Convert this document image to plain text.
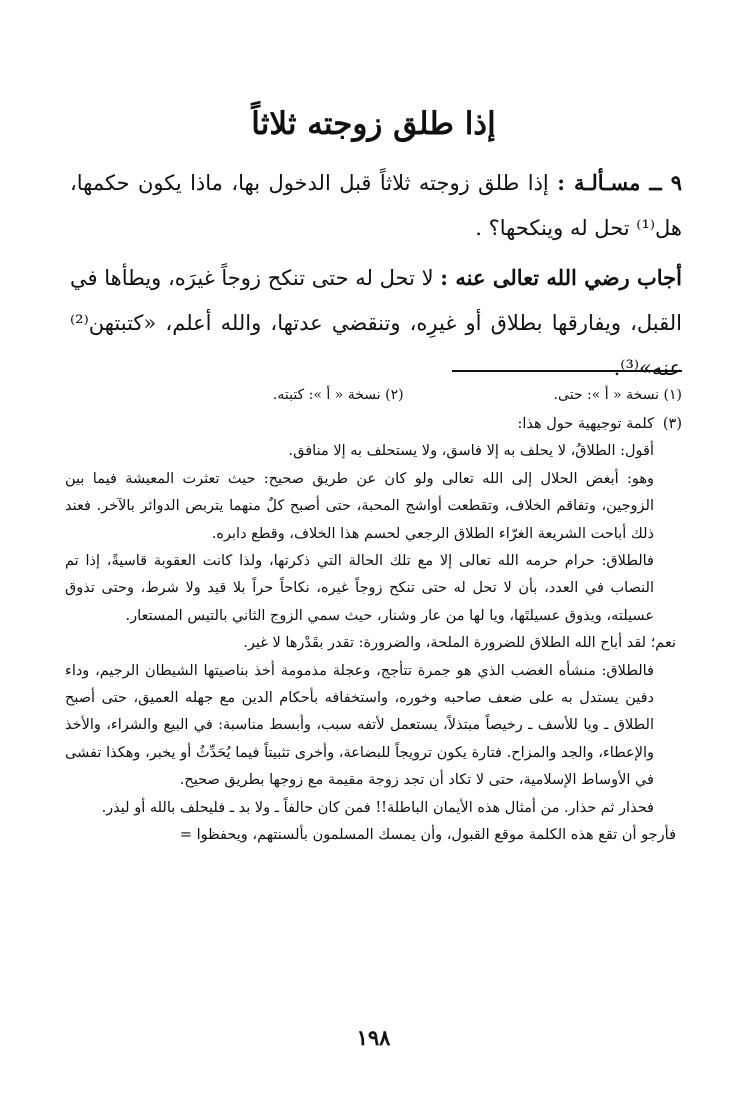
إذا طلق زوجته ثلاثاً

٩ ــ مسـألـة : إذا طلق زوجته ثلاثاً قبل الدخول بها، ماذا يكون حكمها، هل⁽¹⁾ تحل له وينكحها؟ .

أجاب رضي الله تعالى عنه : لا تحل له حتى تنكح زوجاً غيرَه، ويطأها في القبل، ويفارقها بطلاق أو غيرِه، وتنقضي عدتها، والله أعلم، «كتبتهن⁽²⁾ عنه»⁽³⁾.

(١) نسخة « أ »: حتى.
(٢) نسخة « أ »: كتبته.

(٣)كلمة توجيهية حول هذا:

أقول: الطلاقُ، لا يحلف به إلا فاسق، ولا يستحلف به إلا منافق.

وهو: أبغض الحلال إلى الله تعالى ولو كان عن طريق صحيح: حيث تعثرت المعيشة فيما بين الزوجين، وتفاقم الخلاف، وتقطعت أواشج المحبة، حتى أصبح كلٌ منهما يتربص الدوائر بالآخر. فعند ذلك أباحت الشريعة الغرّاء الطلاق الرجعي لحسم هذا الخلاف، وقطع دابره.

فالطلاق: حرام حرمه الله تعالى إلا مع تلك الحالة التي ذكرتها، ولذا كانت العقوبة قاسيةً، إذا تم النصاب في العدد، بأن لا تحل له حتى تنكح زوجاً غيره، نكاحاً حراً بلا قيد ولا شرط، وحتى تذوق عسيلته، ويذوق عسيلتَها، ويا لها من عار وشنار، حيث سمي الزوج الثاني بالتيس المستعار.

نعم؛ لقد أباح الله الطلاق للضرورة الملحة، والضرورة: تقدر بقَدْرها لا غير.

فالطلاق: منشأه الغضب الذي هو جمرة تتأجج، وعجلة مذمومة أخذ بناصيتها الشيطان الرجيم، وداء دفين يستدل به على ضعف صاحبه وخوره، واستخفافه بأحكام الدين مع جهله العميق، حتى أصبح الطلاق ـ ويا للأسف ـ رخيصاً مبتذلاً، يستعمل لأتفه سبب، وأبسط مناسبة: في البيع والشراء، والأخذ والإعطاء، والجد والمزاح. فتارة يكون ترويجاً للبضاعة، وأخرى تثبيتاً فيما يُحَدِّثُ أو يخبر، وهكذا تفشى في الأوساط الإسلامية، حتى لا تكاد أن تجد زوجة مقيمة مع زوجها بطريق صحيح.

فحذار ثم حذار. من أمثال هذه الأيمان الباطلة!! فمن كان حالفاً ـ ولا بد ـ فليحلف بالله أو ليذر.

فأرجو أن تقع هذه الكلمة موقع القبول، وأن يمسك المسلمون بألسنتهم، ويحفظوا =

١٩٨
